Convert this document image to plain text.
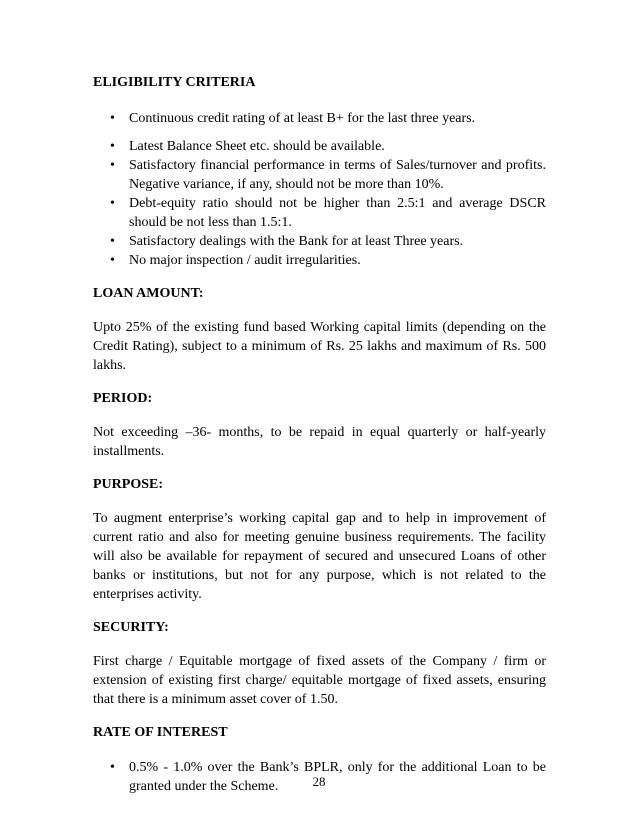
ELIGIBILITY CRITERIA
• Continuous credit rating of at least B+ for the last three years.
• Latest Balance Sheet etc. should be available.
• Satisfactory financial performance in terms of Sales/turnover and profits. Negative variance, if any, should not be more than 10%.
• Debt-equity ratio should not be higher than 2.5:1 and average DSCR should be not less than 1.5:1.
• Satisfactory dealings with the Bank for at least Three years.
• No major inspection / audit irregularities.
LOAN AMOUNT:

Upto 25% of the existing fund based Working capital limits (depending on the Credit Rating), subject to a minimum of Rs. 25 lakhs and maximum of Rs. 500 lakhs.

PERIOD:

Not exceeding –36- months, to be repaid in equal quarterly or half-yearly installments.

PURPOSE:

To augment enterprise’s working capital gap and to help in improvement of current ratio and also for meeting genuine business requirements. The facility will also be available for repayment of secured and unsecured Loans of other banks or institutions, but not for any purpose, which is not related to the enterprises activity.

SECURITY:

First charge / Equitable mortgage of fixed assets of the Company / firm or extension of existing first charge/ equitable mortgage of fixed assets, ensuring that there is a minimum asset cover of 1.50.

RATE OF INTEREST
• 0.5% - 1.0% over the Bank’s BPLR, only for the additional Loan to be granted under the Scheme.	28
